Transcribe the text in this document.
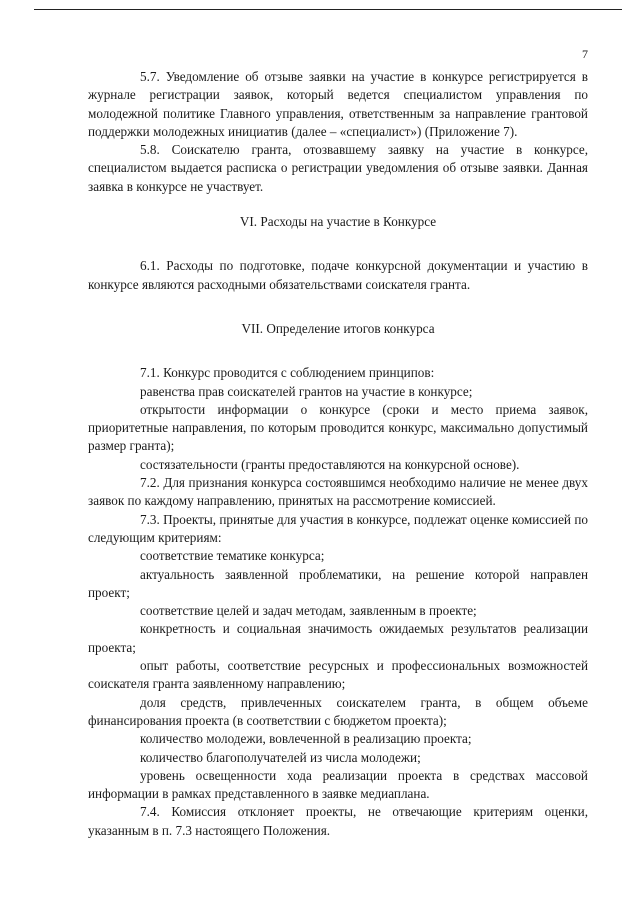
7

5.7. Уведомление об отзыве заявки на участие в конкурсе регистрируется в журнале регистрации заявок, который ведется специалистом управления по молодежной политике Главного управления, ответственным за направление грантовой поддержки молодежных инициатив (далее – «специалист») (Приложение 7).

5.8. Соискателю гранта, отозвавшему заявку на участие в конкурсе, специалистом выдается расписка о регистрации уведомления об отзыве заявки. Данная заявка в конкурсе не участвует.

VI. Расходы на участие в Конкурсе

6.1. Расходы по подготовке, подаче конкурсной документации и участию в конкурсе являются расходными обязательствами соискателя гранта.

VII. Определение итогов конкурса

7.1. Конкурс проводится с соблюдением принципов:

равенства прав соискателей грантов на участие в конкурсе;

открытости информации о конкурсе (сроки и место приема заявок, приоритетные направления, по которым проводится конкурс, максимально допустимый размер гранта);

состязательности (гранты предоставляются на конкурсной основе).

7.2. Для признания конкурса состоявшимся необходимо наличие не менее двух заявок по каждому направлению, принятых на рассмотрение комиссией.

7.3. Проекты, принятые для участия в конкурсе, подлежат оценке комиссией по следующим критериям:

соответствие тематике конкурса;

актуальность заявленной проблематики, на решение которой направлен проект;

соответствие целей и задач методам, заявленным в проекте;

конкретность и социальная значимость ожидаемых результатов реализации проекта;

опыт работы, соответствие ресурсных и профессиональных возможностей соискателя гранта заявленному направлению;

доля средств, привлеченных соискателем гранта, в общем объеме финансирования проекта (в соответствии с бюджетом проекта);

количество молодежи, вовлеченной в реализацию проекта;

количество благополучателей из числа молодежи;

уровень освещенности хода реализации проекта в средствах массовой информации в рамках представленного в заявке медиаплана.

7.4. Комиссия отклоняет проекты, не отвечающие критериям оценки, указанным в п. 7.3 настоящего Положения.
